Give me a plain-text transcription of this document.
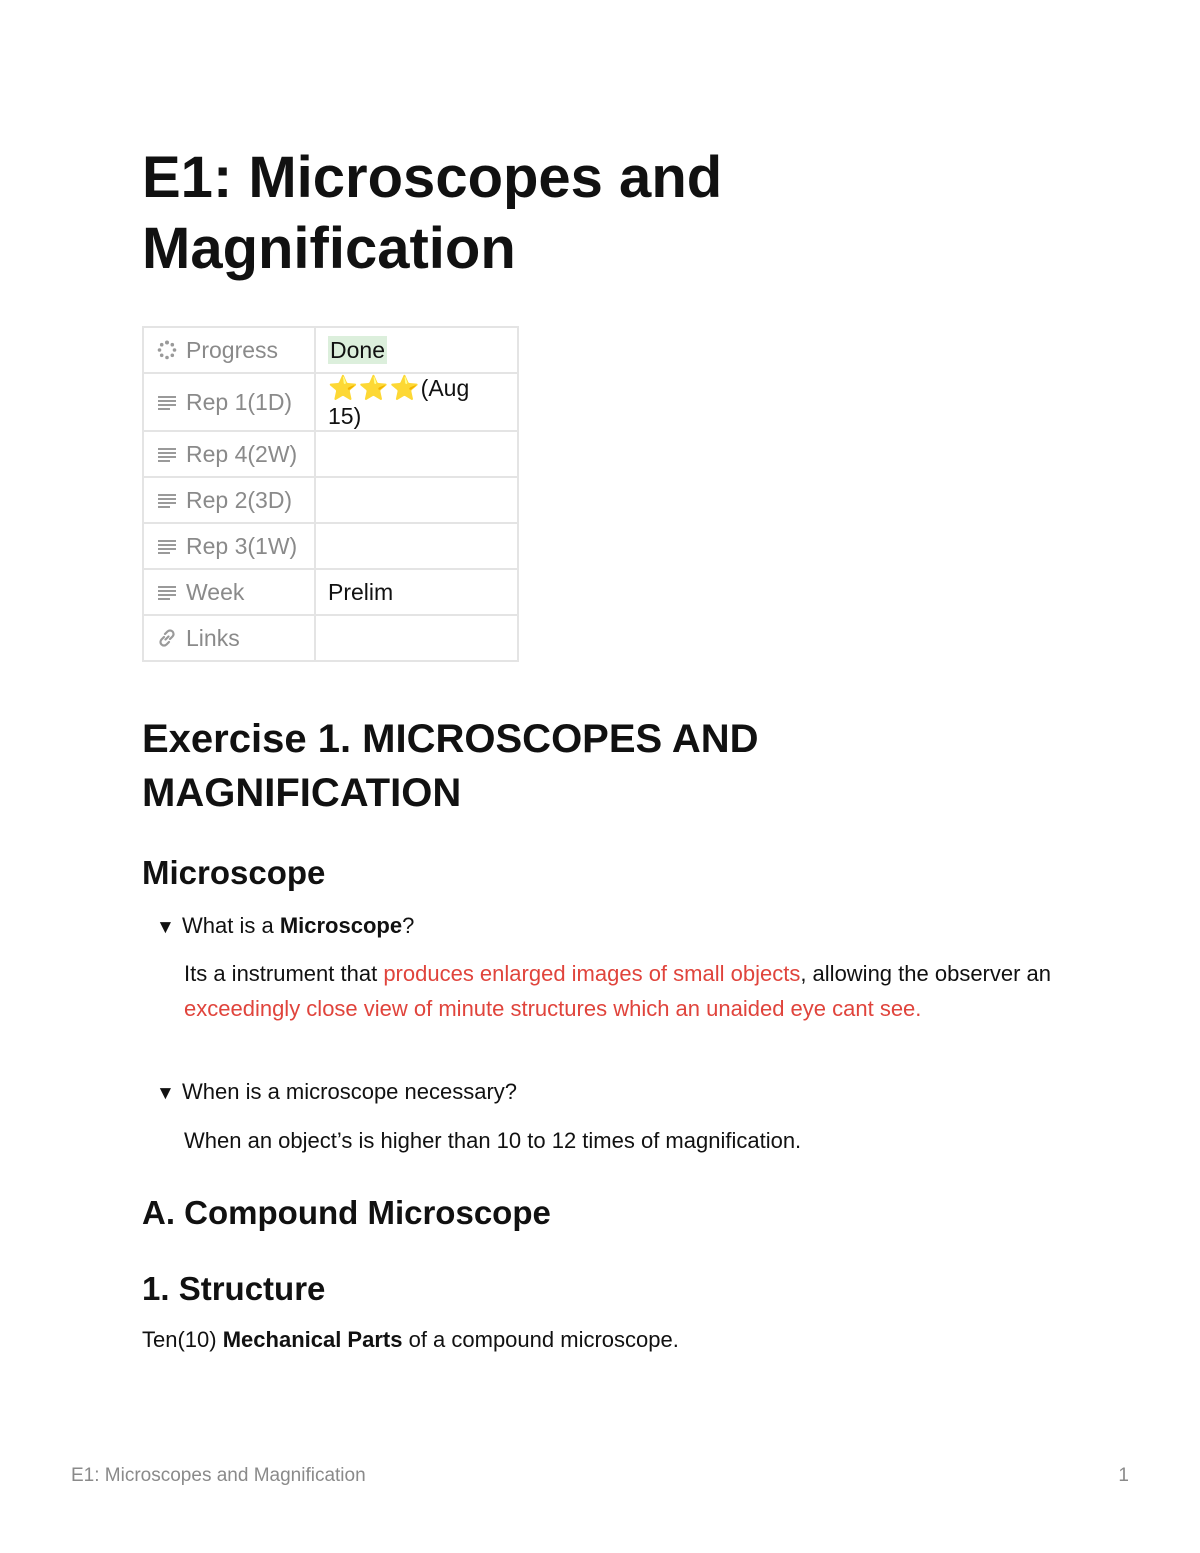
E1: Microscopes and Magnification
Progress	Done

Rep 1(1D)	⭐⭐⭐(Aug 15)

Rep 4(2W)	

Rep 2(3D)	

Rep 3(1W)	

Week	Prelim

Links	

Exercise 1. MICROSCOPES AND MAGNIFICATION
Microscope
▼ What is a Microscope?
Its a instrument that produces enlarged images of small objects, allowing the observer an exceedingly close view of minute structures which an unaided eye cant see.
▼ When is a microscope necessary?
When an object’s is higher than 10 to 12 times of magnification.
A. Compound Microscope
1. Structure
Ten(10) Mechanical Parts of a compound microscope.
E1: Microscopes and Magnification	1
